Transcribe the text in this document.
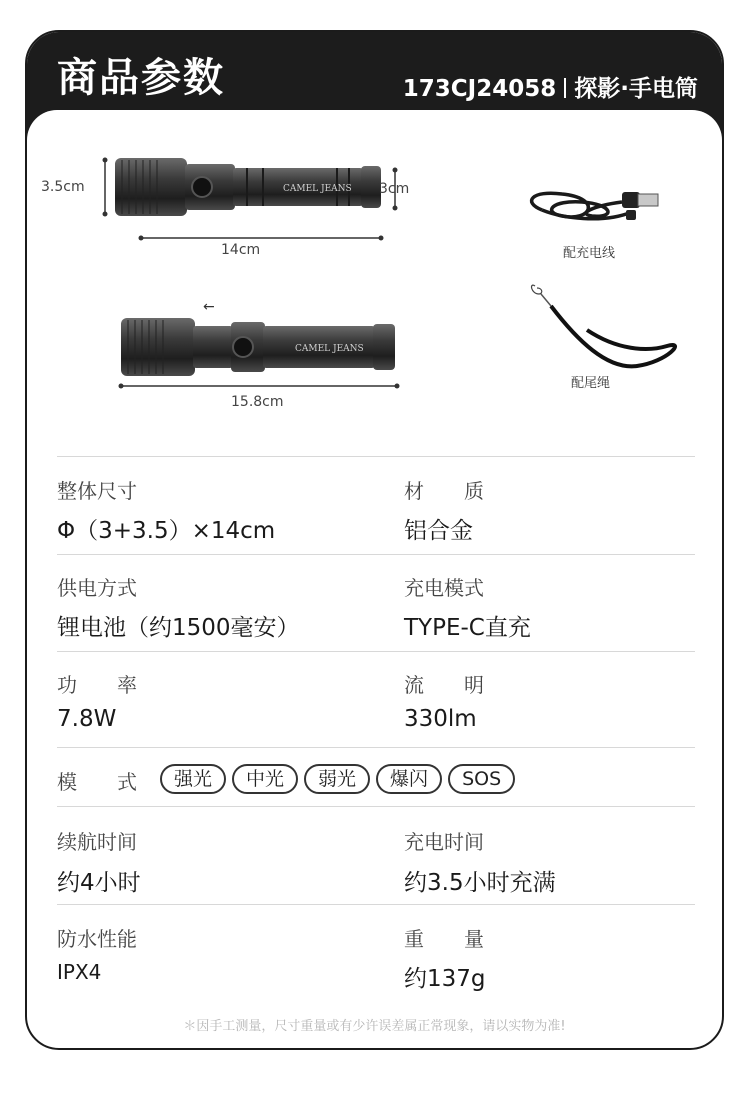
商品参数	173CJ24058 探影·手电筒
CAMEL JEANS
3.5cm	3cm
14cm
←
CAMEL JEANS
15.8cm
配充电线
配尾绳
整体尺寸
Φ（3+3.5）×14cm
材　　质
铝合金
供电方式
锂电池（约1500毫安）
充电模式
TYPE-C直充
功　　率
7.8W
流　　明
330lm
模　　式	强光 中光 弱光 爆闪 SOS
续航时间
约4小时
充电时间
约3.5小时充满
防水性能
IPX4
重　　量
约137g
＊因手工测量，尺寸重量或有少许误差属正常现象，请以实物为准!
